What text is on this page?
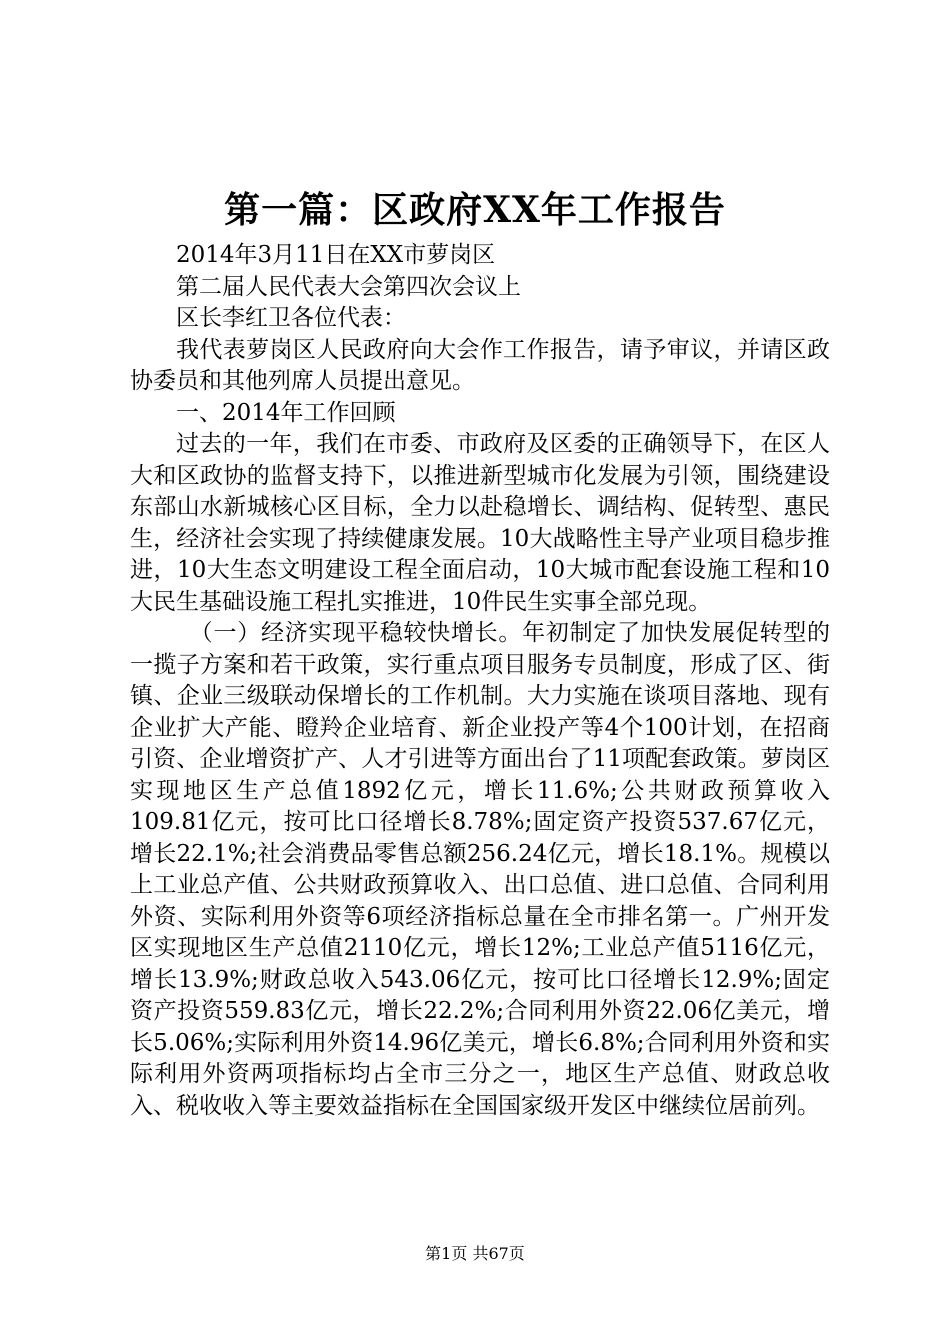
第一篇：区政府XX年工作报告

2014年3月11日在XX市萝岗区

第二届人民代表大会第四次会议上

区长李红卫各位代表：

我代表萝岗区人民政府向大会作工作报告，请予审议，并请区政协委员和其他列席人员提出意见。

一、2014年工作回顾

过去的一年，我们在市委、市政府及区委的正确领导下，在区人大和区政协的监督支持下，以推进新型城市化发展为引领，围绕建设东部山水新城核心区目标，全力以赴稳增长、调结构、促转型、惠民生，经济社会实现了持续健康发展。10大战略性主导产业项目稳步推进，10大生态文明建设工程全面启动，10大城市配套设施工程和10大民生基础设施工程扎实推进，10件民生实事全部兑现。

（一）经济实现平稳较快增长。年初制定了加快发展促转型的一揽子方案和若干政策，实行重点项目服务专员制度，形成了区、街镇、企业三级联动保增长的工作机制。大力实施在谈项目落地、现有企业扩大产能、瞪羚企业培育、新企业投产等4个100计划，在招商引资、企业增资扩产、人才引进等方面出台了11项配套政策。萝岗区实现地区生产总值1892亿元，增长11.6%;公共财政预算收入109.81亿元，按可比口径增长8.78%;固定资产投资537.67亿元，增长22.1%;社会消费品零售总额256.24亿元，增长18.1%。规模以上工业总产值、公共财政预算收入、出口总值、进口总值、合同利用外资、实际利用外资等6项经济指标总量在全市排名第一。广州开发区实现地区生产总值2110亿元，增长12%;工业总产值5116亿元，增长13.9%;财政总收入543.06亿元，按可比口径增长12.9%;固定资产投资559.83亿元，增长22.2%;合同利用外资22.06亿美元，增长5.06%;实际利用外资14.96亿美元，增长6.8%;合同利用外资和实际利用外资两项指标均占全市三分之一，地区生产总值、财政总收入、税收收入等主要效益指标在全国国家级开发区中继续位居前列。

第1页 共67页
